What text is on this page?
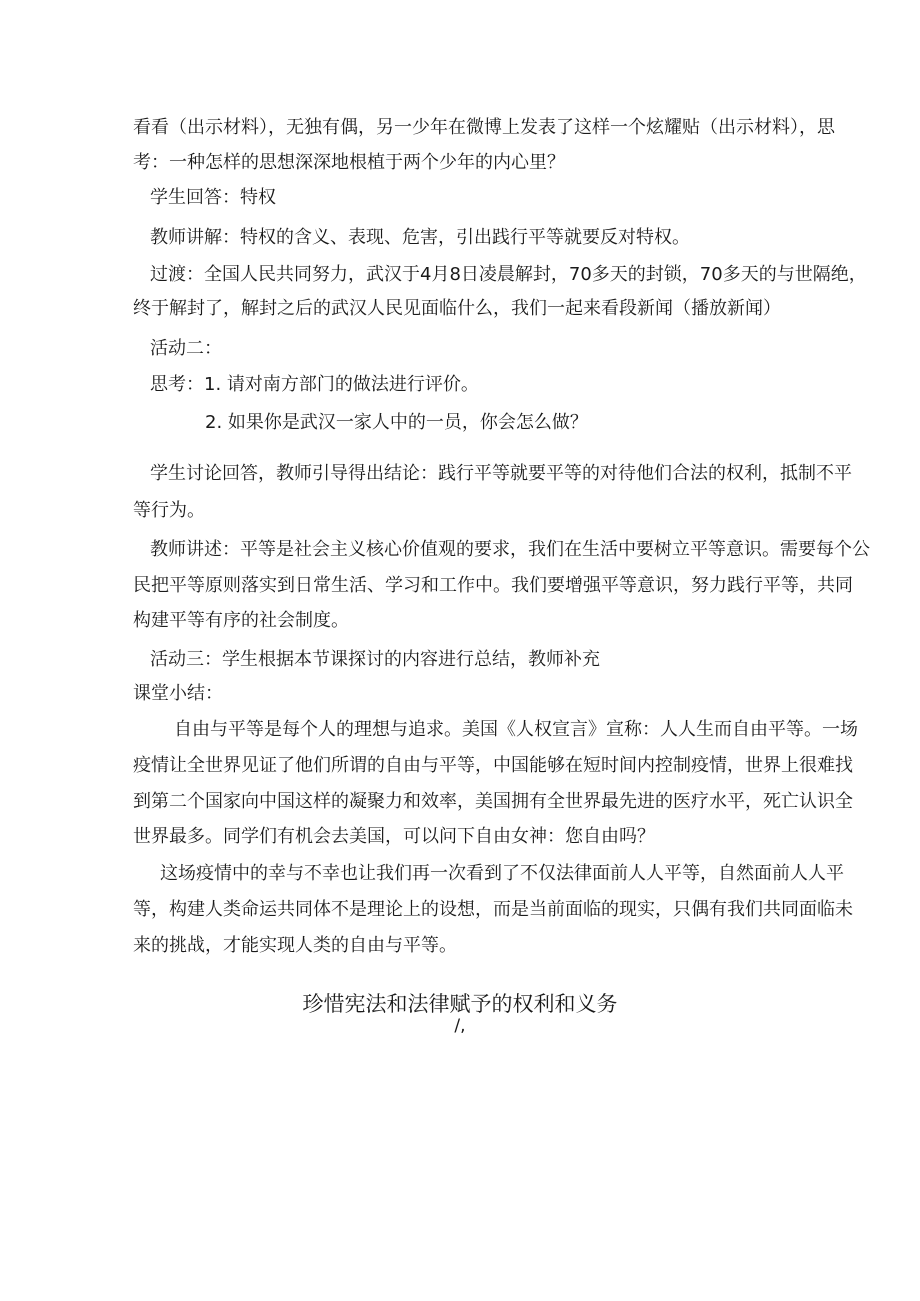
看看（出示材料），无独有偶，另一少年在微博上发表了这样一个炫耀贴（出示材料），思
考：一种怎样的思想深深地根植于两个少年的内心里？
学生回答：特权
教师讲解：特权的含义、表现、危害，引出践行平等就要反对特权。
过渡：全国人民共同努力，武汉于4月8日凌晨解封，70多天的封锁，70多天的与世隔绝，
终于解封了，解封之后的武汉人民见面临什么，我们一起来看段新闻（播放新闻）
活动二：
思考：1. 请对南方部门的做法进行评价。
2. 如果你是武汉一家人中的一员，你会怎么做？
学生讨论回答，教师引导得出结论：践行平等就要平等的对待他们合法的权利，抵制不平
等行为。
教师讲述：平等是社会主义核心价值观的要求，我们在生活中要树立平等意识。需要每个公
民把平等原则落实到日常生活、学习和工作中。我们要增强平等意识，努力践行平等，共同
构建平等有序的社会制度。
活动三：学生根据本节课探讨的内容进行总结，教师补充
课堂小结：
自由与平等是每个人的理想与追求。美国《人权宣言》宣称：人人生而自由平等。一场
疫情让全世界见证了他们所谓的自由与平等，中国能够在短时间内控制疫情，世界上很难找
到第二个国家向中国这样的凝聚力和效率，美国拥有全世界最先进的医疗水平，死亡认识全
世界最多。同学们有机会去美国，可以问下自由女神：您自由吗？
这场疫情中的幸与不幸也让我们再一次看到了不仅法律面前人人平等，自然面前人人平
等，构建人类命运共同体不是理论上的设想，而是当前面临的现实，只偶有我们共同面临未
来的挑战，才能实现人类的自由与平等。
珍惜宪法和法律赋予的权利和义务
/,
